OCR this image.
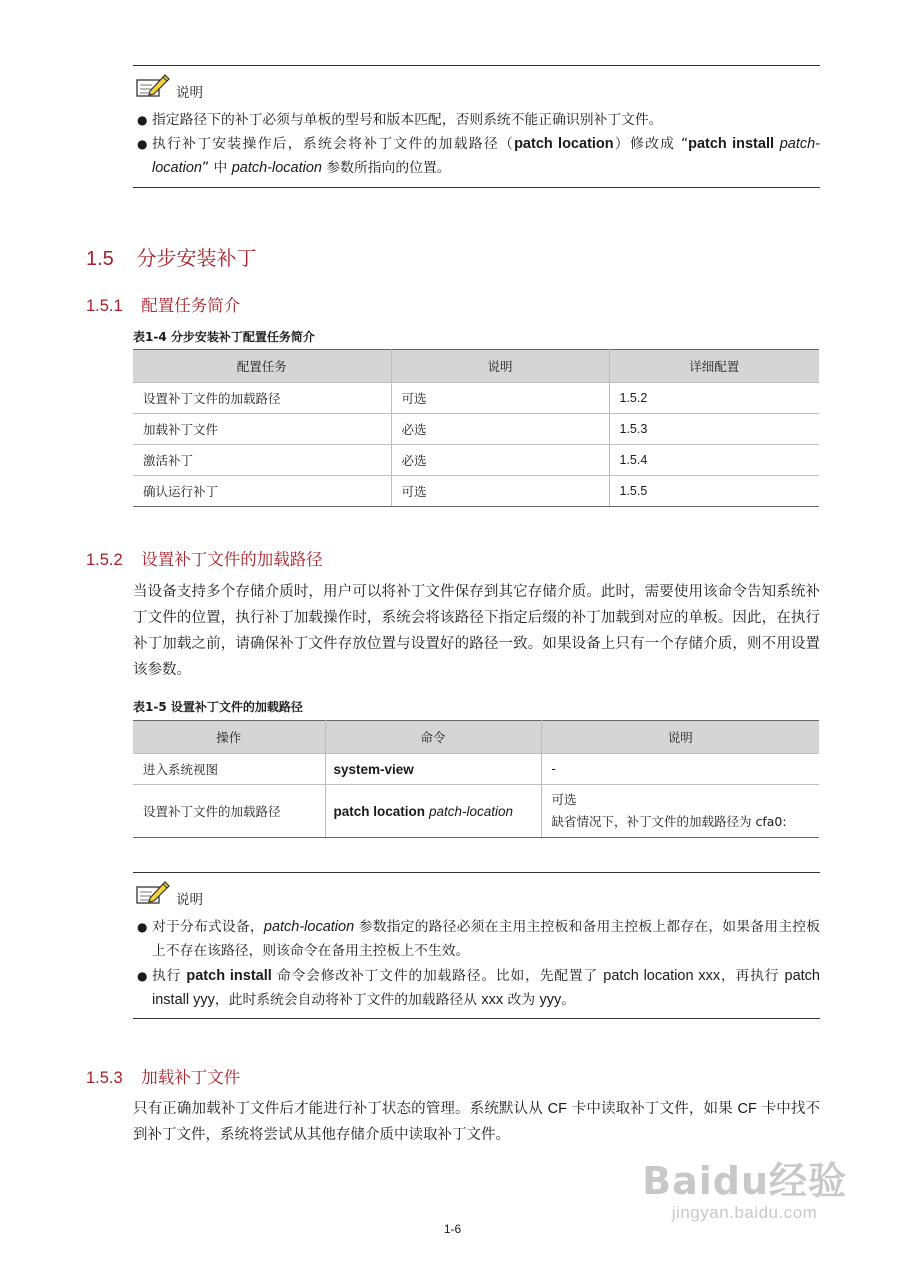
说明
● 指定路径下的补丁必须与单板的型号和版本匹配，否则系统不能正确识别补丁文件。
● 执行补丁安装操作后，系统会将补丁文件的加载路径（patch location）修改成 “patch install patch-location” 中 patch-location 参数所指向的位置。
1.5 分步安装补丁
1.5.1 配置任务简介
表1-4 分步安装补丁配置任务简介
配置任务	说明	详细配置
设置补丁文件的加载路径	可选	1.5.2
加载补丁文件	必选	1.5.3
激活补丁	必选	1.5.4
确认运行补丁	可选	1.5.5
1.5.2 设置补丁文件的加载路径
当设备支持多个存储介质时，用户可以将补丁文件保存到其它存储介质。此时，需要使用该命令告知系统补丁文件的位置，执行补丁加载操作时，系统会将该路径下指定后缀的补丁加载到对应的单板。因此，在执行补丁加载之前，请确保补丁文件存放位置与设置好的路径一致。如果设备上只有一个存储介质，则不用设置该参数。
表1-5 设置补丁文件的加载路径
操作	命令	说明
进入系统视图	system-view	-
设置补丁文件的加载路径	patch location patch-location	可选
缺省情况下，补丁文件的加载路径为 cfa0:
说明
● 对于分布式设备，patch-location 参数指定的路径必须在主用主控板和备用主控板上都存在，如果备用主控板上不存在该路径，则该命令在备用主控板上不生效。
● 执行 patch install 命令会修改补丁文件的加载路径。比如，先配置了 patch location xxx，再执行 patch install yyy，此时系统会自动将补丁文件的加载路径从 xxx 改为 yyy。
1.5.3 加载补丁文件
只有正确加载补丁文件后才能进行补丁状态的管理。系统默认从 CF 卡中读取补丁文件，如果 CF 卡中找不到补丁文件，系统将尝试从其他存储介质中读取补丁文件。
1-6
Baidu经验
jingyan.baidu.com
